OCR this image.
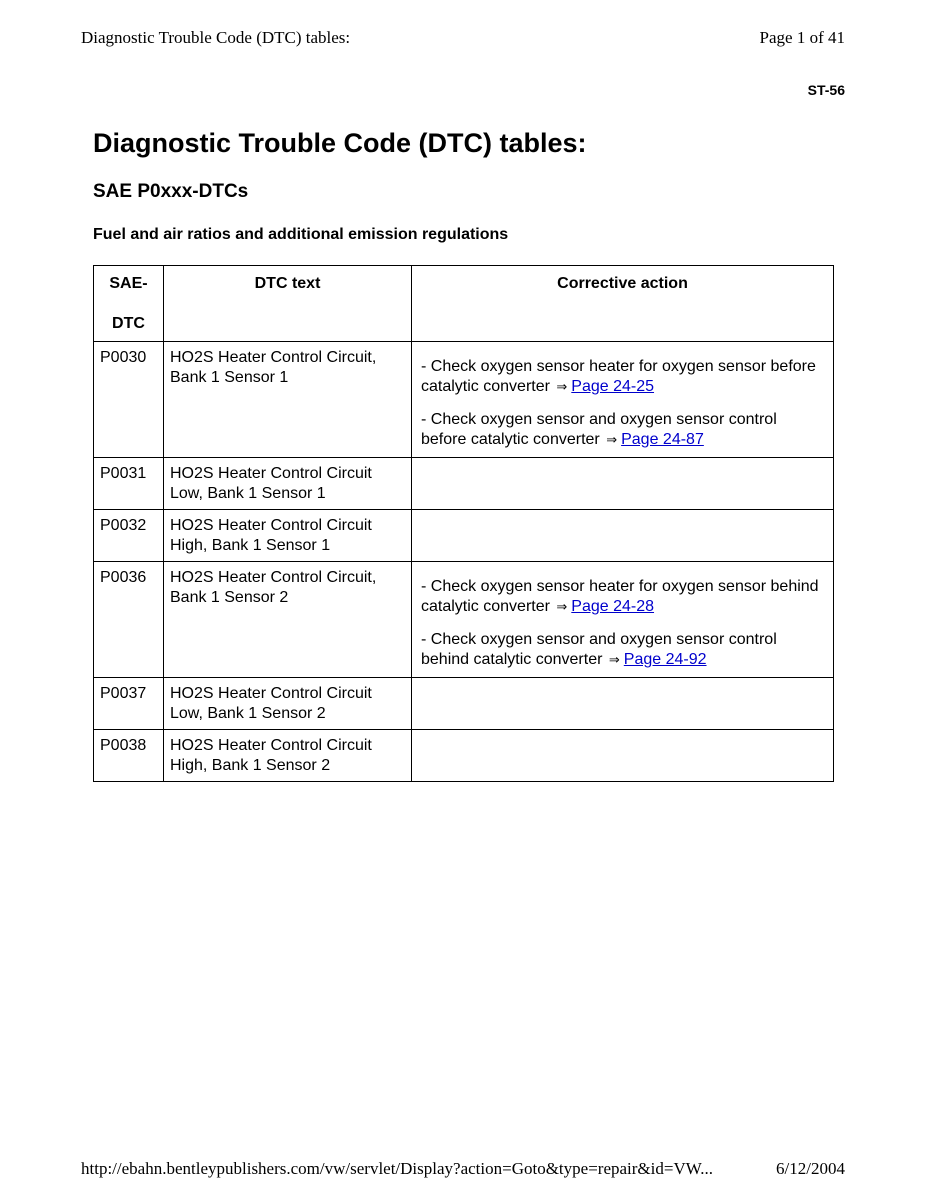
Diagnostic Trouble Code (DTC) tables:	Page 1 of 41
ST-56
Diagnostic Trouble Code (DTC) tables:
SAE P0xxx-DTCs
Fuel and air ratios and additional emission regulations
SAE-
DTC	DTC text	Corrective action
P0030	HO2S Heater Control Circuit, Bank 1 Sensor 1	- Check oxygen sensor heater for oxygen sensor before catalytic converter ⇒ Page 24-25

- Check oxygen sensor and oxygen sensor control before catalytic converter ⇒ Page 24-87

P0031	HO2S Heater Control Circuit Low, Bank 1 Sensor 1	
P0032	HO2S Heater Control Circuit High, Bank 1 Sensor 1	
P0036	HO2S Heater Control Circuit, Bank 1 Sensor 2	- Check oxygen sensor heater for oxygen sensor behind catalytic converter ⇒ Page 24-28

- Check oxygen sensor and oxygen sensor control behind catalytic converter ⇒ Page 24-92

P0037	HO2S Heater Control Circuit Low, Bank 1 Sensor 2	
P0038	HO2S Heater Control Circuit High, Bank 1 Sensor 2	
http://ebahn.bentleypublishers.com/vw/servlet/Display?action=Goto&type=repair&id=VW...	6/12/2004
